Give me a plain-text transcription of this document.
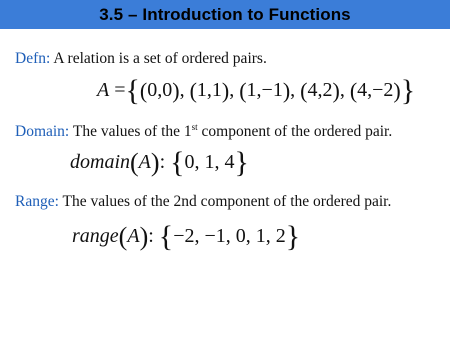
3.5 – Introduction to Functions
Defn: A relation is a set of ordered pairs.
A ={(0,0), (1,1), (1,−1), (4,2), (4,−2)}
Domain: The values of the 1st component of the ordered pair.
domain(A): {0, 1, 4}
Range: The values of the 2nd component of the ordered pair.
range(A): {−2, −1, 0, 1, 2}
